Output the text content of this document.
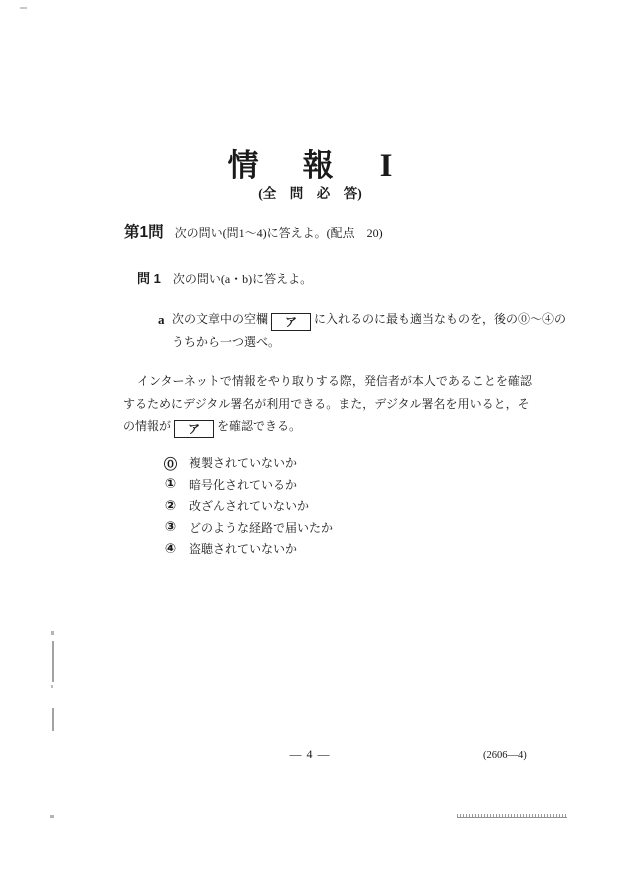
情 報 I
(全　問　必　答)
第1問 次の問い(問1～4)に答えよ。(配点　20)
問 1 次の問い(a・b)に答えよ。
a 次の文章中の空欄 ア に入れるのに最も適当なものを，後の⓪～④の
うちから一つ選べ。
インターネットで情報をやり取りする際，発信者が本人であることを確認
するためにデジタル署名が利用できる。また，デジタル署名を用いると，そ
の情報が ア を確認できる。
⓪ 複製されていないか
① 暗号化されているか
② 改ざんされていないか
③ どのような経路で届いたか
④ 盗聴されていないか
— 4 —	(2606—4)
